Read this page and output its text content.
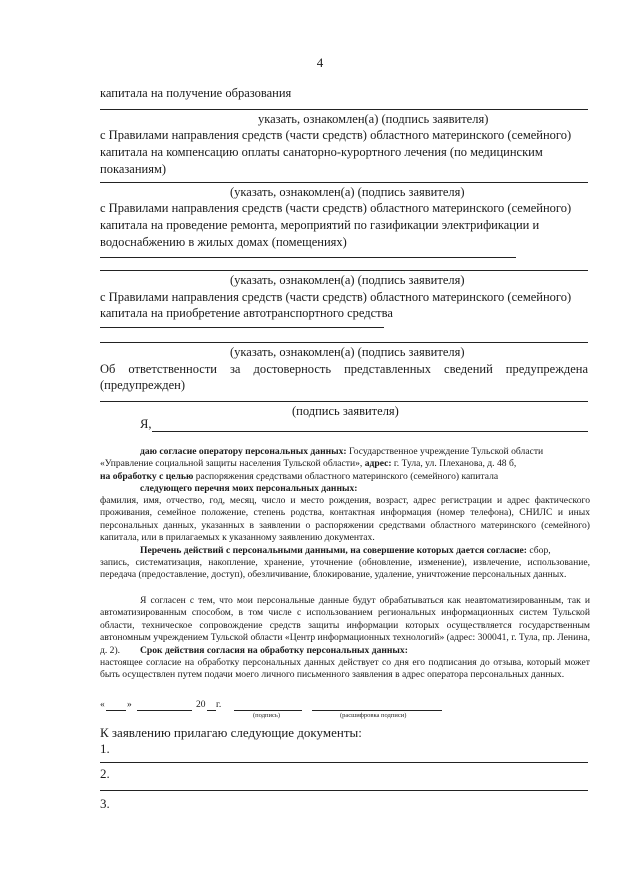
4
капитала на получение образования
указать, ознакомлен(а) (подпись заявителя)
с Правилами направления средств (части средств) областного материнского (семейного)
капитала на компенсацию оплаты санаторно-курортного лечения (по медицинским
показаниям)
(указать, ознакомлен(а) (подпись заявителя)
с Правилами направления средств (части средств) областного материнского (семейного)
капитала на проведение ремонта, мероприятий по газификации электрификации и
водоснабжению в жилых домах (помещениях)
(указать, ознакомлен(а) (подпись заявителя)
с Правилами направления средств (части средств) областного материнского (семейного)
капитала на приобретение автотранспортного средства
(указать, ознакомлен(а) (подпись заявителя)
Об ответственности за достоверность представленных сведений предупреждена
(предупрежден)
(подпись заявителя)
Я,
даю согласие оператору персональных данных: Государственное учреждение Тульской области
«Управление социальной защиты населения Тульской области», адрес: г. Тула, ул. Плеханова, д. 48 б,
на обработку с целью распоряжения средствами областного материнского (семейного) капитала
следующего перечня моих персональных данных:
фамилия, имя, отчество, год, месяц, число и место рождения, возраст, адрес регистрации и адрес фактического проживания, семейное положение, степень родства, контактная информация (номер телефона), СНИЛС и иных персональных данных, указанных в заявлении о распоряжении средствами областного материнского (семейного) капитала, или в прилагаемых к указанному заявлению документах.
Перечень действий с персональными данными, на совершение которых дается согласие: сбор,
запись, систематизация, накопление, хранение, уточнение (обновление, изменение), извлечение, использование, передача (предоставление, доступ), обезличивание, блокирование, удаление, уничтожение персональных данных.
Я согласен с тем, что мои персональные данные будут обрабатываться как неавтоматизированным, так и автоматизированным способом, в том числе с использованием региональных информационных систем Тульской области, техническое сопровождение средств защиты информации которых осуществляется государственным автономным учреждением Тульской области «Центр информационных технологий» (адрес: 300041, г. Тула, пр. Ленина, д. 2).	Срок действия согласия на обработку персональных данных:
настоящее согласие на обработку персональных данных действует со дня его подписания до отзыва, который может быть осуществлен путем подачи моего личного письменного заявления в адрес оператора персональных данных.
« »	20 г.
(подпись)	(расшифровка подписи)
К заявлению прилагаю следующие документы:
1.
2.
3.
